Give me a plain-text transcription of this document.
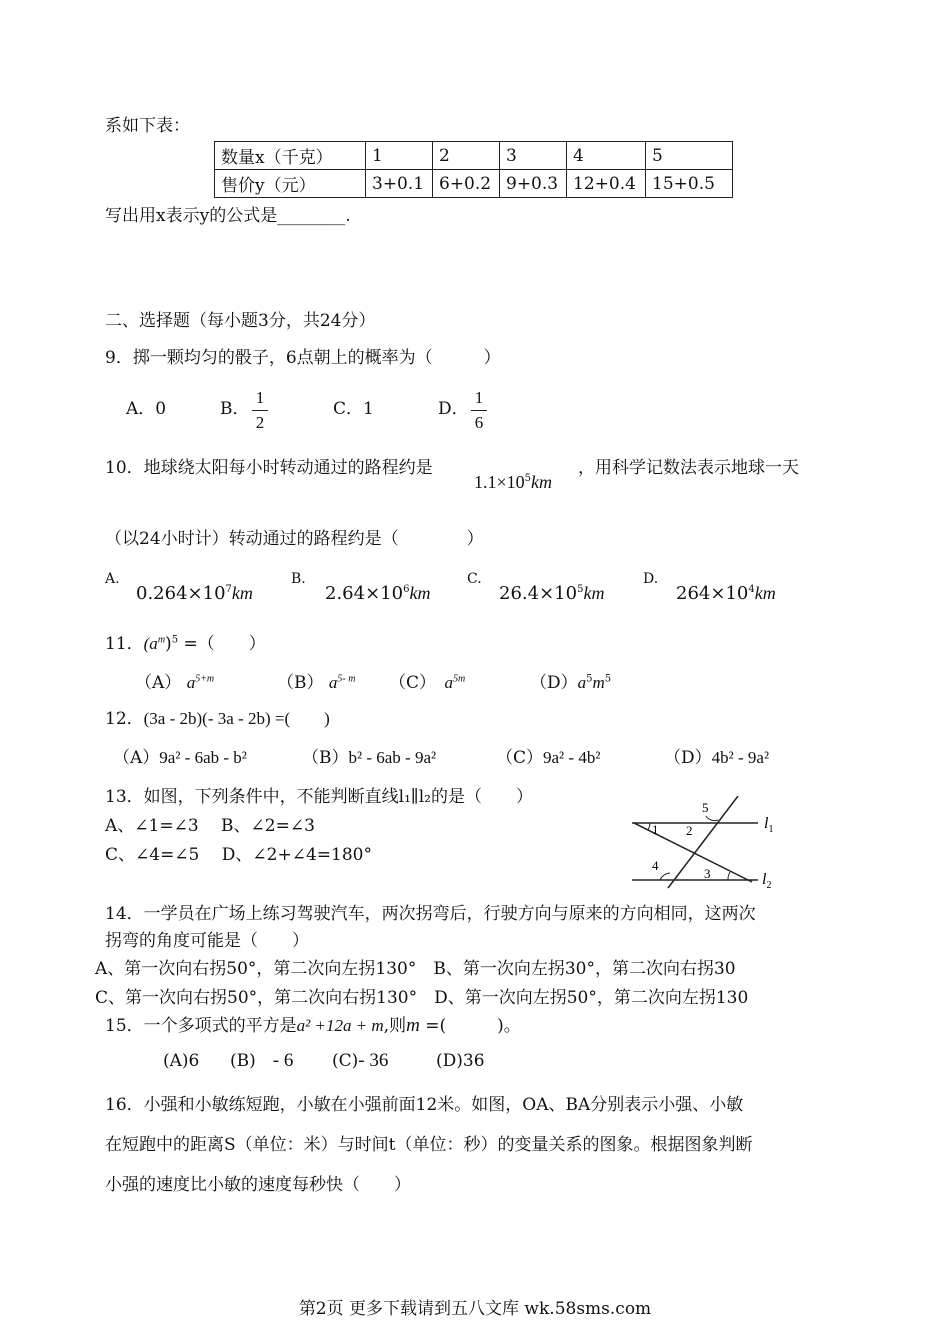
系如下表：
数量x（千克）	1	2	3	4	5
售价y（元）	3+0.1	6+0.2	9+0.3	12+0.4	15+0.5
写出用x表示y的公式是________.
二、选择题（每小题3分，共24分）
9．掷一颗均匀的骰子，6点朝上的概率为（　　　）
A．0	B．
1
2
C．1	D．
1
6
10．地球绕太阳每小时转动通过的路程约是
$1.1\times 10^5km$
，用科学记数法表示地球一天
（以24小时计）转动通过的路程约是（　　　　）
A.
$0.264\times 10^7km$
B.
$2.64\times 10^6km$
C.
$26.4\times 10^5km$
D.
$264\times 10^4km$
11．$(a^m)^5$ =（　　）
（A） $a^{5+m}$	（B） $a^{5- m}$ （C）　 $a^{5m}$	$(D)a^5m^5$
12．(3a - 2b)(- 3a - 2b) =(　　)
（A）9a² - 6ab - b²	（B）b² - 6ab - 9a²	（C）9a² - 4b²	（D）4b² - 9a²
13．如图，下列条件中，不能判断直线l₁∥l₂的是（　　）
A、∠1=∠3　 B、∠2=∠3
C、∠4=∠5　 D、∠2+∠4=180°
1 2
5
4
3
$l_1$
$l_2$
14．一学员在广场上练习驾驶汽车，两次拐弯后，行驶方向与原来的方向相同，这两次
拐弯的角度可能是（　　）
A、第一次向右拐50°，第二次向左拐130°　B、第一次向左拐30°，第二次向右拐30
C、第一次向右拐50°，第二次向右拐130°　D、第一次向左拐50°，第二次向左拐130
15．一个多项式的平方是a² +12a + m,则m =(　　　)。
(A)6 (B)　 - 6 (C)- 36	(D)36
16．小强和小敏练短跑，小敏在小强前面12米。如图，OA、BA分别表示小强、小敏
在短跑中的距离S（单位：米）与时间t（单位：秒）的变量关系的图象。根据图象判断
小强的速度比小敏的速度每秒快（　　）
第2页 更多下载请到五八文库 wk.58sms.com
